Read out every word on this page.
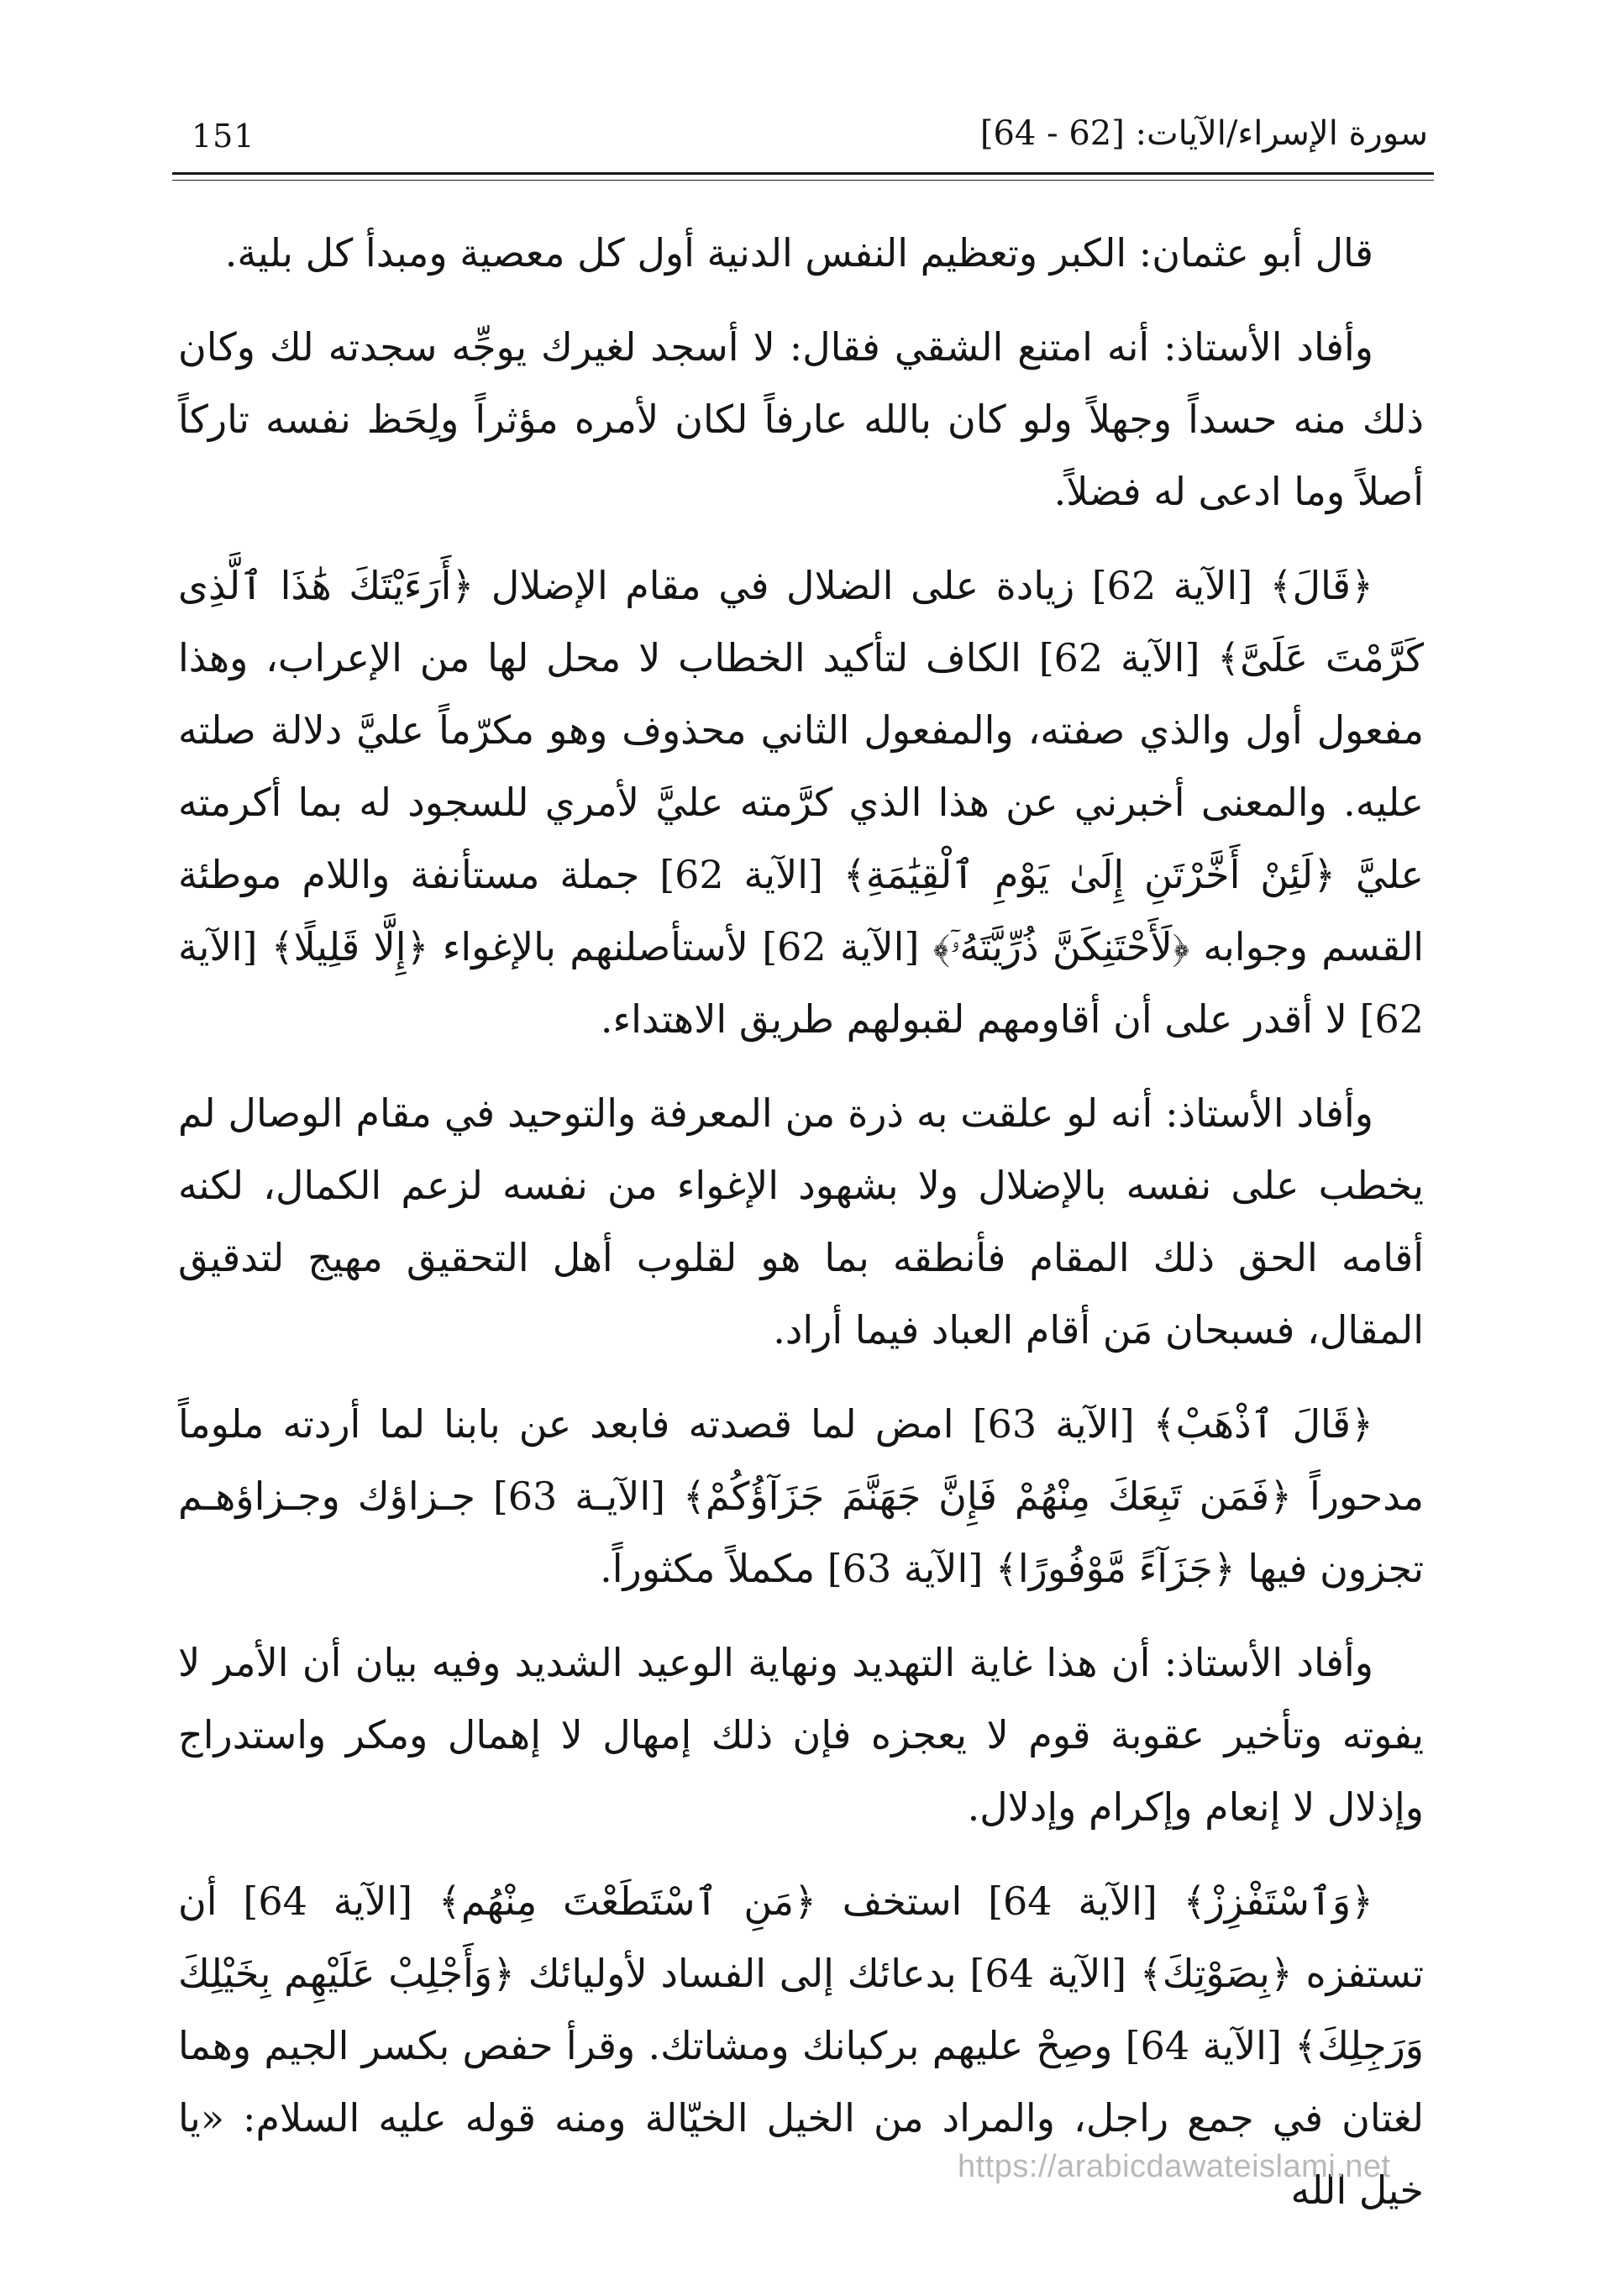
151	سورة الإسراء/الآيات: [62 - 64]

قال أبو عثمان: الكبر وتعظيم النفس الدنية أول كل معصية ومبدأ كل بلية.

وأفاد الأستاذ: أنه امتنع الشقي فقال: لا أسجد لغيرك يوجِّه سجدته لك وكان ذلك منه حسداً وجهلاً ولو كان بالله عارفاً لكان لأمره مؤثراً ولِحَظ نفسه تاركاً أصلاً وما ادعى له فضلاً.

﴿قَالَ﴾ [الآية 62] زيادة على الضلال في مقام الإضلال ﴿أَرَءَيْتَكَ هَٰذَا ٱلَّذِى كَرَّمْتَ عَلَىَّ﴾ [الآية 62] الكاف لتأكيد الخطاب لا محل لها من الإعراب، وهذا مفعول أول والذي صفته، والمفعول الثاني محذوف وهو مكرّماً عليَّ دلالة صلته عليه. والمعنى أخبرني عن هذا الذي كرَّمته عليَّ لأمري للسجود له بما أكرمته عليَّ ﴿لَئِنْ أَخَّرْتَنِ إِلَىٰ يَوْمِ ٱلْقِيَٰمَةِ﴾ [الآية 62] جملة مستأنفة واللام موطئة القسم وجوابه ﴿لَأَحْتَنِكَنَّ ذُرِّيَّتَهُۥٓ﴾ [الآية 62] لأستأصلنهم بالإغواء ﴿إِلَّا قَلِيلًا﴾ [الآية 62] لا أقدر على أن أقاومهم لقبولهم طريق الاهتداء.

وأفاد الأستاذ: أنه لو علقت به ذرة من المعرفة والتوحيد في مقام الوصال لم يخطب على نفسه بالإضلال ولا بشهود الإغواء من نفسه لزعم الكمال، لكنه أقامه الحق ذلك المقام فأنطقه بما هو لقلوب أهل التحقيق مهيج لتدقيق المقال، فسبحان مَن أقام العباد فيما أراد.

﴿قَالَ ٱذْهَبْ﴾ [الآية 63] امض لما قصدته فابعد عن بابنا لما أردته ملوماً مدحوراً ﴿فَمَن تَبِعَكَ مِنْهُمْ فَإِنَّ جَهَنَّمَ جَزَآؤُكُمْ﴾ [الآيـة 63] جـزاؤك وجـزاؤهـم تجزون فيها ﴿جَزَآءً مَّوْفُورًا﴾ [الآية 63] مكملاً مكثوراً.

وأفاد الأستاذ: أن هذا غاية التهديد ونهاية الوعيد الشديد وفيه بيان أن الأمر لا يفوته وتأخير عقوبة قوم لا يعجزه فإن ذلك إمهال لا إهمال ومكر واستدراج وإذلال لا إنعام وإكرام وإدلال.

﴿وَٱسْتَفْزِزْ﴾ [الآية 64] استخف ﴿مَنِ ٱسْتَطَعْتَ مِنْهُم﴾ [الآية 64] أن تستفزه ﴿بِصَوْتِكَ﴾ [الآية 64] بدعائك إلى الفساد لأوليائك ﴿وَأَجْلِبْ عَلَيْهِم بِخَيْلِكَ وَرَجِلِكَ﴾ [الآية 64] وصِحْ عليهم بركبانك ومشاتك. وقرأ حفص بكسر الجيم وهما لغتان في جمع راجل، والمراد من الخيل الخيّالة ومنه قوله عليه السلام: «يا خيل الله

https://arabicdawateislami.net
